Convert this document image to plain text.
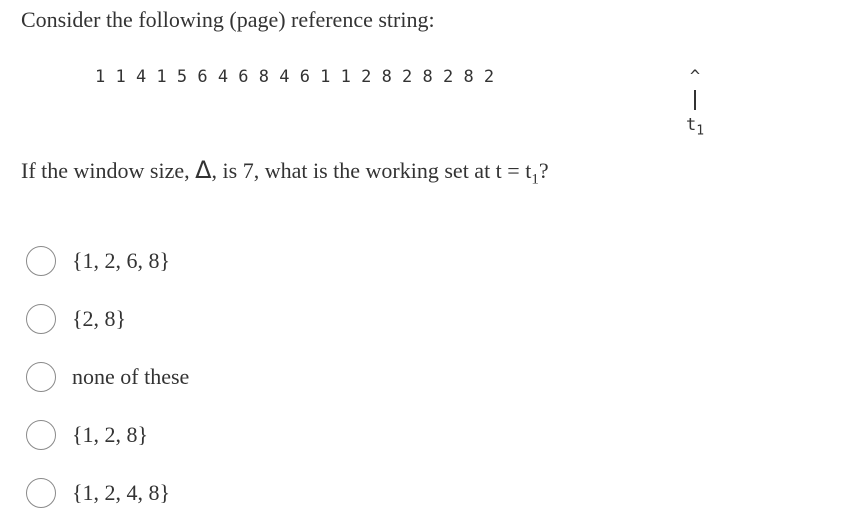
Consider the following (page) reference string:
1 1 4 1 5 6 4 6 8 4 6 1 1 2 8 2 8 2 8 2	^
$t_1$
If the window size, Δ, is 7, what is the working set at $t = t_1$?
{1, 2, 6, 8}
{2, 8}
none of these
{1, 2, 8}
{1, 2, 4, 8}
